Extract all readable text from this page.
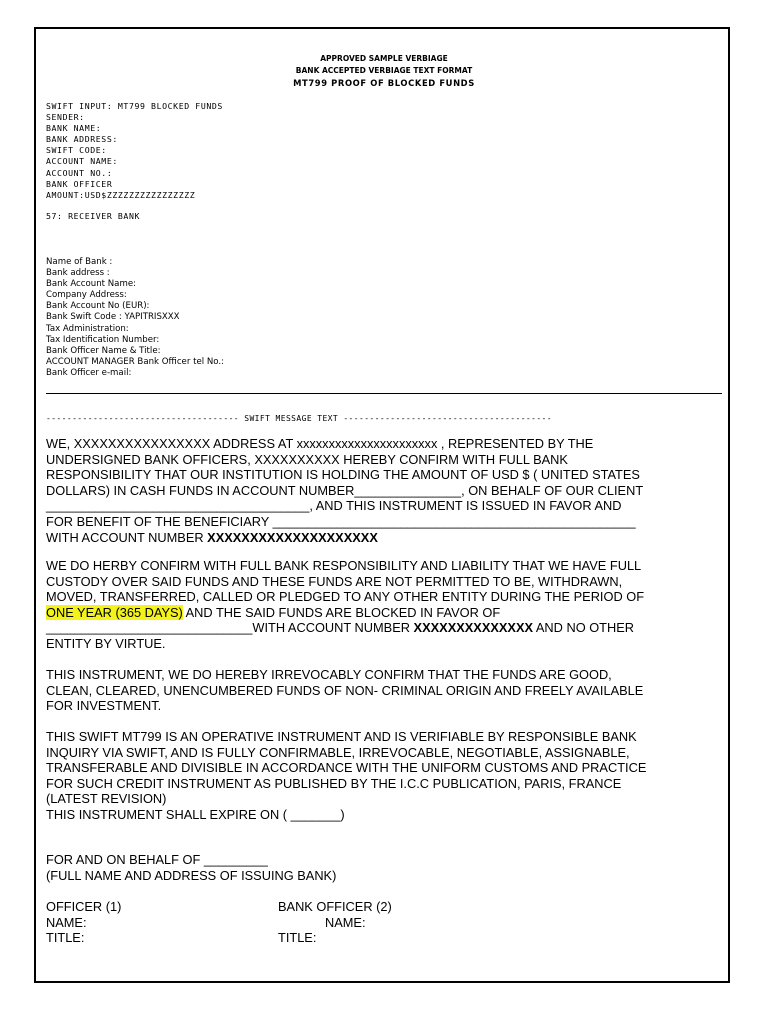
APPROVED SAMPLE VERBIAGE
BANK ACCEPTED VERBIAGE TEXT FORMAT
MT799 PROOF OF BLOCKED FUNDS
SWIFT INPUT: MT799 BLOCKED FUNDS
SENDER:
BANK NAME:
BANK ADDRESS:
SWIFT CODE:
ACCOUNT NAME:
ACCOUNT NO.:
BANK OFFICER
AMOUNT:USD$ZZZZZZZZZZZZZZZZ
57: RECEIVER BANK
Name of Bank :
Bank address :
Bank Account Name:
Company Address:
Bank Account No (EUR):
Bank Swift Code : YAPITRISXXX
Tax Administration:
Tax Identification Number:
Bank Officer Name & Title:
ACCOUNT MANAGER Bank Officer tel No.:
Bank Officer e-mail:
------------------------------------- SWIFT MESSAGE TEXT ----------------------------------------
WE, XXXXXXXXXXXXXXXX ADDRESS AT xxxxxxxxxxxxxxxxxxxxxx , REPRESENTED BY THE
UNDERSIGNED BANK OFFICERS, XXXXXXXXXX HEREBY CONFIRM WITH FULL BANK
RESPONSIBILITY THAT OUR INSTITUTION IS HOLDING THE AMOUNT OF USD $ ( UNITED STATES
DOLLARS) IN CASH FUNDS IN ACCOUNT NUMBER_______________, ON BEHALF OF OUR CLIENT
_____________________________________, AND THIS INSTRUMENT IS ISSUED IN FAVOR AND
FOR BENEFIT OF THE BENEFICIARY ___________________________________________________
WITH ACCOUNT NUMBER XXXXXXXXXXXXXXXXXXXX
WE DO HERBY CONFIRM WITH FULL BANK RESPONSIBILITY AND LIABILITY THAT WE HAVE FULL
CUSTODY OVER SAID FUNDS AND THESE FUNDS ARE NOT PERMITTED TO BE, WITHDRAWN,
MOVED, TRANSFERRED, CALLED OR PLEDGED TO ANY OTHER ENTITY DURING THE PERIOD OF
ONE YEAR (365 DAYS) AND THE SAID FUNDS ARE BLOCKED IN FAVOR OF
_____________________________WITH ACCOUNT NUMBER XXXXXXXXXXXXXX AND NO OTHER
ENTITY BY VIRTUE.
THIS INSTRUMENT, WE DO HEREBY IRREVOCABLY CONFIRM THAT THE FUNDS ARE GOOD,
CLEAN, CLEARED, UNENCUMBERED FUNDS OF NON- CRIMINAL ORIGIN AND FREELY AVAILABLE
FOR INVESTMENT.
THIS SWIFT MT799 IS AN OPERATIVE INSTRUMENT AND IS VERIFIABLE BY RESPONSIBLE BANK
INQUIRY VIA SWIFT, AND IS FULLY CONFIRMABLE, IRREVOCABLE, NEGOTIABLE, ASSIGNABLE,
TRANSFERABLE AND DIVISIBLE IN ACCORDANCE WITH THE UNIFORM CUSTOMS AND PRACTICE
FOR SUCH CREDIT INSTRUMENT AS PUBLISHED BY THE I.C.C PUBLICATION, PARIS, FRANCE
(LATEST REVISION)
THIS INSTRUMENT SHALL EXPIRE ON ( _______)
FOR AND ON BEHALF OF _________
(FULL NAME AND ADDRESS OF ISSUING BANK)
OFFICER (1)
NAME:
TITLE:
BANK OFFICER (2)
NAME:
TITLE:
